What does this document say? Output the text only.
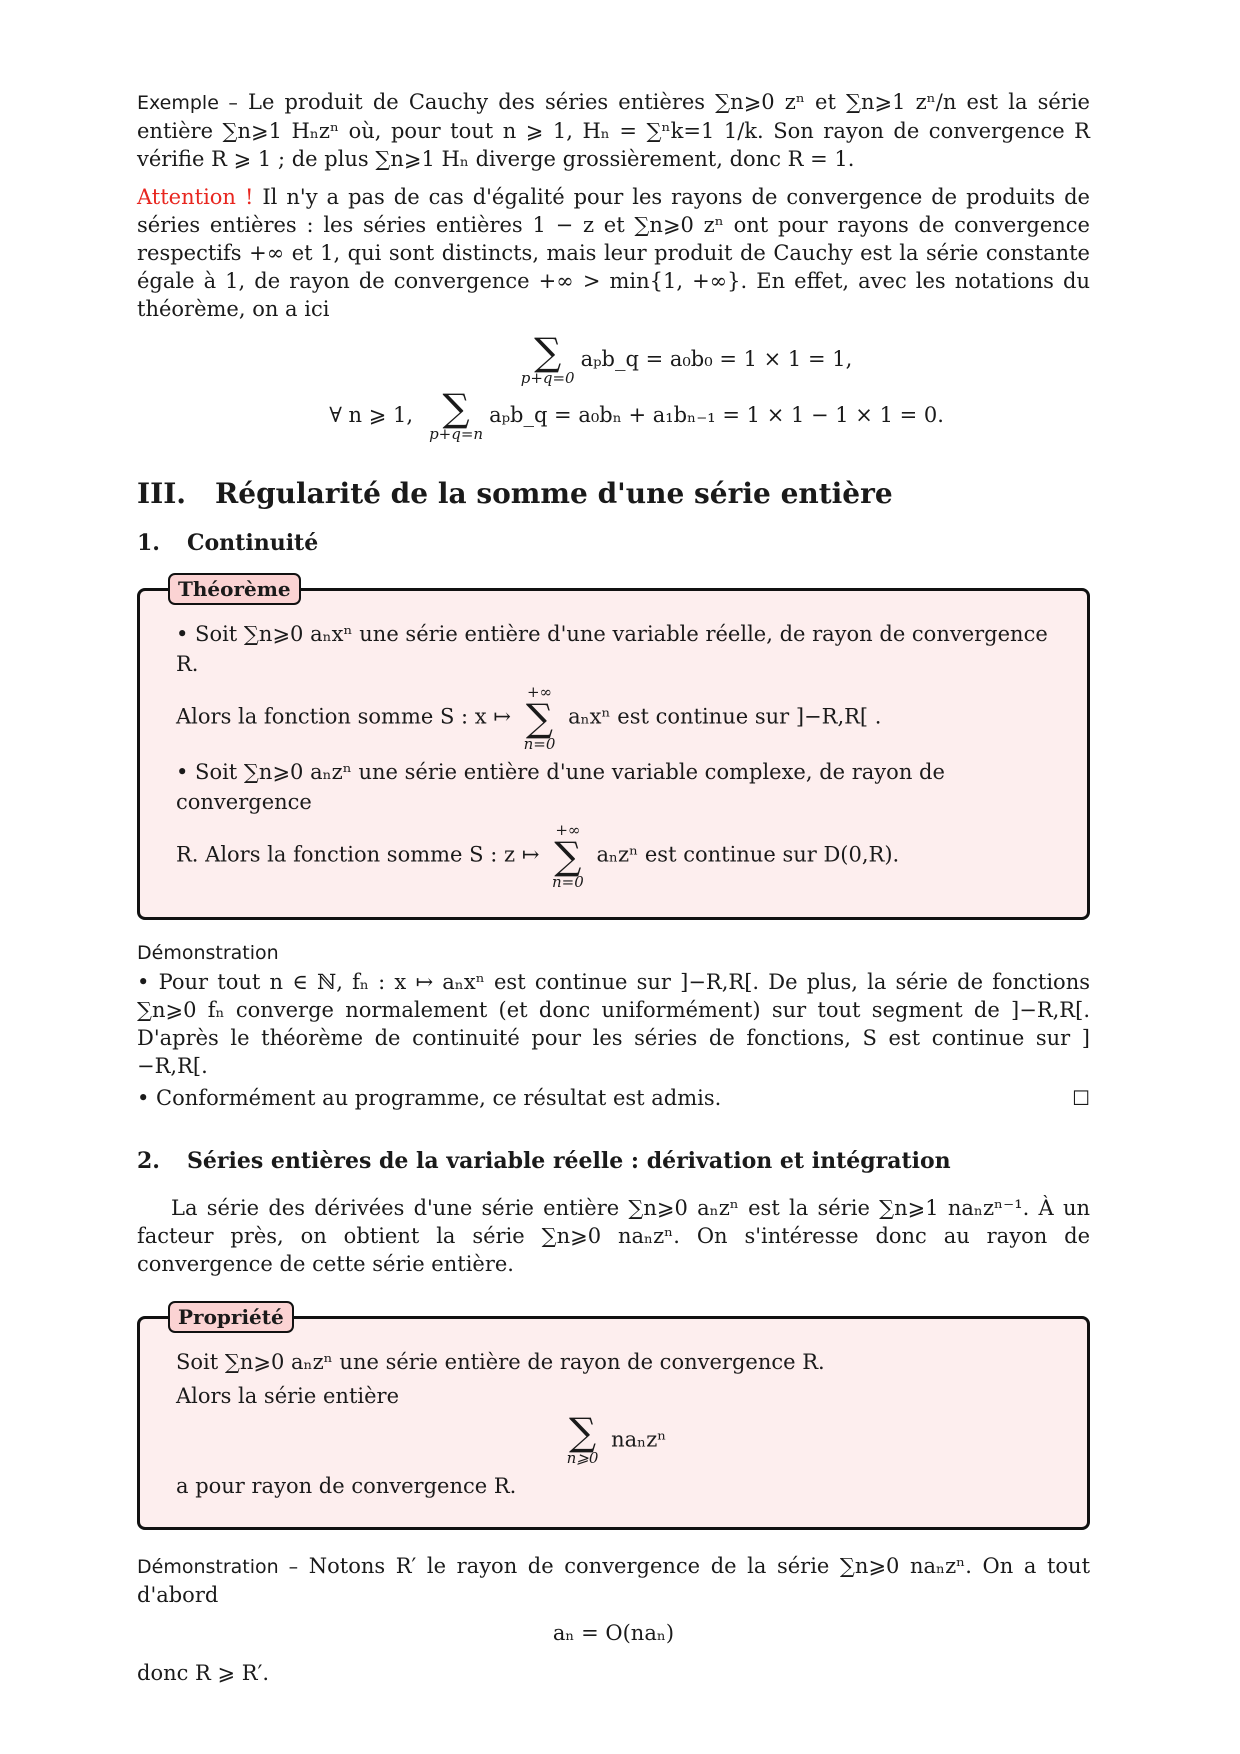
Exemple – Le produit de Cauchy des séries entières ∑n⩾0 zⁿ et ∑n⩾1 zⁿ/n est la série entière ∑n⩾1 Hₙzⁿ où, pour tout n ⩾ 1, Hₙ = ∑ⁿk=1 1/k. Son rayon de convergence R vérifie R ⩾ 1 ; de plus ∑n⩾1 Hₙ diverge grossièrement, donc R = 1.

Attention ! Il n'y a pas de cas d'égalité pour les rayons de convergence de produits de séries entières : les séries entières 1 − z et ∑n⩾0 zⁿ ont pour rayons de convergence respectifs +∞ et 1, qui sont distincts, mais leur produit de Cauchy est la série constante égale à 1, de rayon de convergence +∞ > min{1, +∞}. En effet, avec les notations du théorème, on a ici

∑
p+q=0
aₚb_q = a₀b₀ = 1 × 1 = 1,
∀ n ⩾ 1, ∑
p+q=n
aₚb_q = a₀bₙ + a₁bₙ₋₁ = 1 × 1 − 1 × 1 = 0.
III. Régularité de la somme d'une série entière
1. Continuité
Théorème
• Soit ∑n⩾0 aₙxⁿ une série entière d'une variable réelle, de rayon de convergence R.
Alors la fonction somme S : x ↦
+∞
∑
n=0
aₙxⁿ est continue sur ]−R,R[ .
• Soit ∑n⩾0 aₙzⁿ une série entière d'une variable complexe, de rayon de convergence
R. Alors la fonction somme S : z ↦
+∞
∑
n=0
aₙzⁿ est continue sur D(0,R).
Démonstration

• Pour tout n ∈ ℕ, fₙ : x ↦ aₙxⁿ est continue sur ]−R,R[. De plus, la série de fonctions ∑n⩾0 fₙ converge normalement (et donc uniformément) sur tout segment de ]−R,R[. D'après le théorème de continuité pour les séries de fonctions, S est continue sur ]−R,R[.

• Conformément au programme, ce résultat est admis.	☐

2. Séries entières de la variable réelle : dérivation et intégration

La série des dérivées d'une série entière ∑n⩾0 aₙzⁿ est la série ∑n⩾1 naₙzⁿ⁻¹. À un facteur près, on obtient la série ∑n⩾0 naₙzⁿ. On s'intéresse donc au rayon de convergence de cette série entière.

Propriété
Soit ∑n⩾0 aₙzⁿ une série entière de rayon de convergence R.
Alors la série entière
∑
n⩾0
naₙzⁿ
a pour rayon de convergence R.

Démonstration – Notons R′ le rayon de convergence de la série ∑n⩾0 naₙzⁿ. On a tout d'abord

aₙ = O(naₙ)

donc R ⩾ R′.
